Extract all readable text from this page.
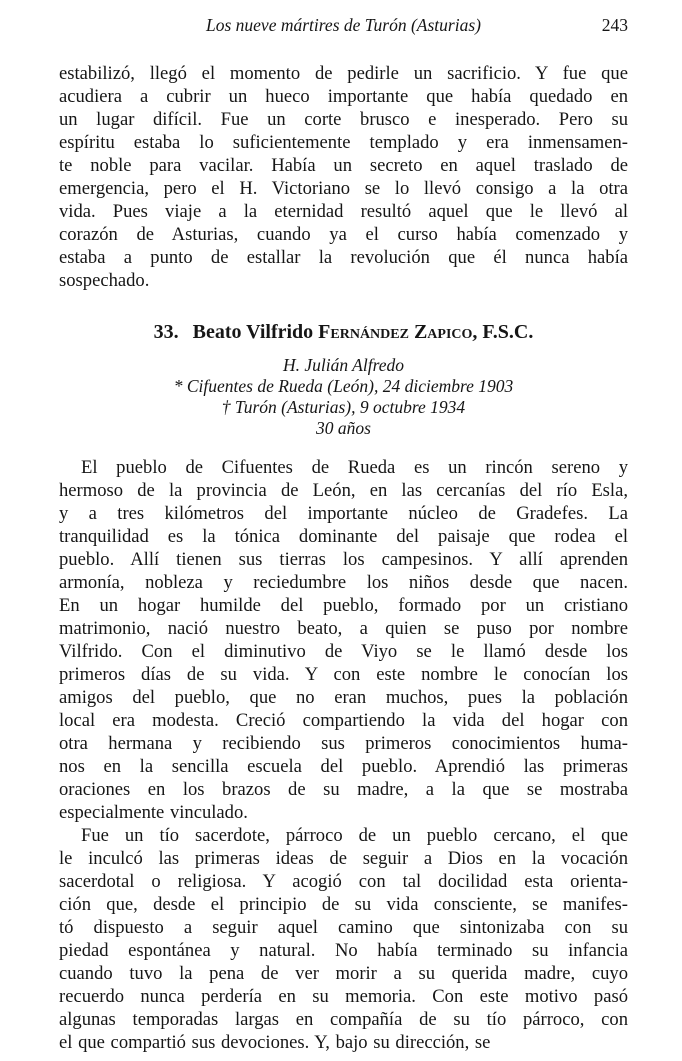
Los nueve mártires de Turón (Asturias)	243
estabilizó, llegó el momento de pedirle un sacrificio. Y fue que
acudiera a cubrir un hueco importante que había quedado en
un lugar difícil. Fue un corte brusco e inesperado. Pero su
espíritu estaba lo suficientemente templado y era inmensamen-
te noble para vacilar. Había un secreto en aquel traslado de
emergencia, pero el H. Victoriano se lo llevó consigo a la otra
vida. Pues viaje a la eternidad resultó aquel que le llevó al
corazón de Asturias, cuando ya el curso había comenzado y
estaba a punto de estallar la revolución que él nunca había
sospechado.
33. Beato Vilfrido Fernández Zapico, F.S.C.
H. Julián Alfredo
* Cifuentes de Rueda (León), 24 diciembre 1903
† Turón (Asturias), 9 octubre 1934
30 años
El pueblo de Cifuentes de Rueda es un rincón sereno y
hermoso de la provincia de León, en las cercanías del río Esla,
y a tres kilómetros del importante núcleo de Gradefes. La
tranquilidad es la tónica dominante del paisaje que rodea el
pueblo. Allí tienen sus tierras los campesinos. Y allí aprenden
armonía, nobleza y reciedumbre los niños desde que nacen.
En un hogar humilde del pueblo, formado por un cristiano
matrimonio, nació nuestro beato, a quien se puso por nombre
Vilfrido. Con el diminutivo de Viyo se le llamó desde los
primeros días de su vida. Y con este nombre le conocían los
amigos del pueblo, que no eran muchos, pues la población
local era modesta. Creció compartiendo la vida del hogar con
otra hermana y recibiendo sus primeros conocimientos huma-
nos en la sencilla escuela del pueblo. Aprendió las primeras
oraciones en los brazos de su madre, a la que se mostraba
especialmente vinculado.
Fue un tío sacerdote, párroco de un pueblo cercano, el que
le inculcó las primeras ideas de seguir a Dios en la vocación
sacerdotal o religiosa. Y acogió con tal docilidad esta orienta-
ción que, desde el principio de su vida consciente, se manifes-
tó dispuesto a seguir aquel camino que sintonizaba con su
piedad espontánea y natural. No había terminado su infancia
cuando tuvo la pena de ver morir a su querida madre, cuyo
recuerdo nunca perdería en su memoria. Con este motivo pasó
algunas temporadas largas en compañía de su tío párroco, con
el que compartió sus devociones. Y, bajo su dirección, se
